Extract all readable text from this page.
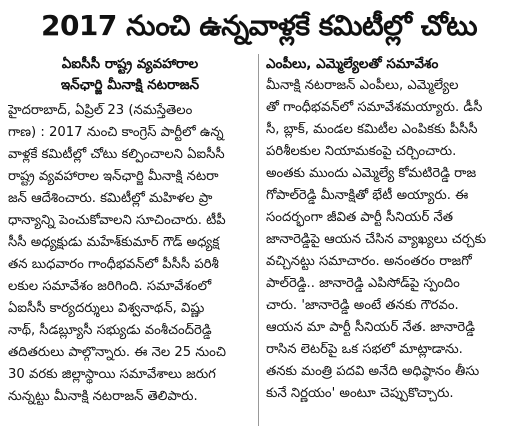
2017 నుంచి ఉన్నవాళ్లకే కమిటీల్లో చోటు
ఏఐసీసీ రాష్ట్ర వ్యవహారాల
ఇన్‌ఛార్జి మీనాక్షి నటరాజన్
హైదరాబాద్, ఏప్రిల్ 23 (నమస్తేతెలం
గాణ) : 2017 నుంచి కాంగ్రెస్ పార్టీలో ఉన్న
వాళ్లకే కమిటీల్లో చోటు కల్పించాలని ఏఐసీసీ
రాష్ట్ర వ్యవహారాల ఇన్‌ఛార్జి మీనాక్షి నటరా
జన్ ఆదేశించారు. కమిటీల్లో మహిళల ప్రా
ధాన్యాన్ని పెంచుకోవాలని సూచించారు. టీపీ
సీసీ అధ్యక్షుడు మహేశ్‌కుమార్ గౌడ్ అధ్యక్ష
తన బుధవారం గాంధీభవన్‌లో పీసీసీ పరిశీ
లకుల సమావేశం జరిగింది. సమావేశంలో
ఏఐసీసీ కార్యదర్శులు విశ్వనాథన్, విష్ణు
నాథ్, సీడబ్ల్యూసీ సభ్యుడు వంశీచంద్‌రెడ్డి
తదితరులు పాల్గొన్నారు. ఈ నెల 25 నుంచి
30 వరకు జిల్లాస్థాయి సమావేశాలు జరుగ
నున్నట్టు మీనాక్షి నటరాజన్ తెలిపారు.
ఎంపీలు, ఎమ్మెల్యేలతో సమావేశం
మీనాక్షి నటరాజన్ ఎంపీలు, ఎమ్మెల్యేల
తో గాంధీభవన్‌లో సమావేశమయ్యారు. డీసీ
సీ, బ్లాక్, మండల కమిటీల ఎంపికకు పీసీసీ
పరిశీలకుల నియామకంపై చర్చించారు.
అంతకు ముందు ఎమ్మెల్యే కోమటిరెడ్డి రాజ
గోపాల్‌రెడ్డి మీనాక్షితో భేటీ అయ్యారు. ఈ
సందర్భంగా జీవిత పార్టీ సీనియర్ నేత
జానారెడ్డిపై ఆయన చేసిన వ్యాఖ్యలు చర్చకు
వచ్చినట్టు సమాచారం. అనంతరం రాజగో
పాల్‌రెడ్డి.. జానారెడ్డి ఎపిసోడ్‌పై స్పందిం
చారు. 'జానారెడ్డి అంటే తనకు గౌరవం.
ఆయన మా పార్టీ సీనియర్ నేత. జానారెడ్డి
రాసిన లెటర్‌పై ఒక సభలో మాట్లాడాను.
తనకు మంత్రి పదవి అనేది అధిష్ఠానం తీసు
కునే నిర్ణయం' అంటూ చెప్పుకొచ్చారు.
